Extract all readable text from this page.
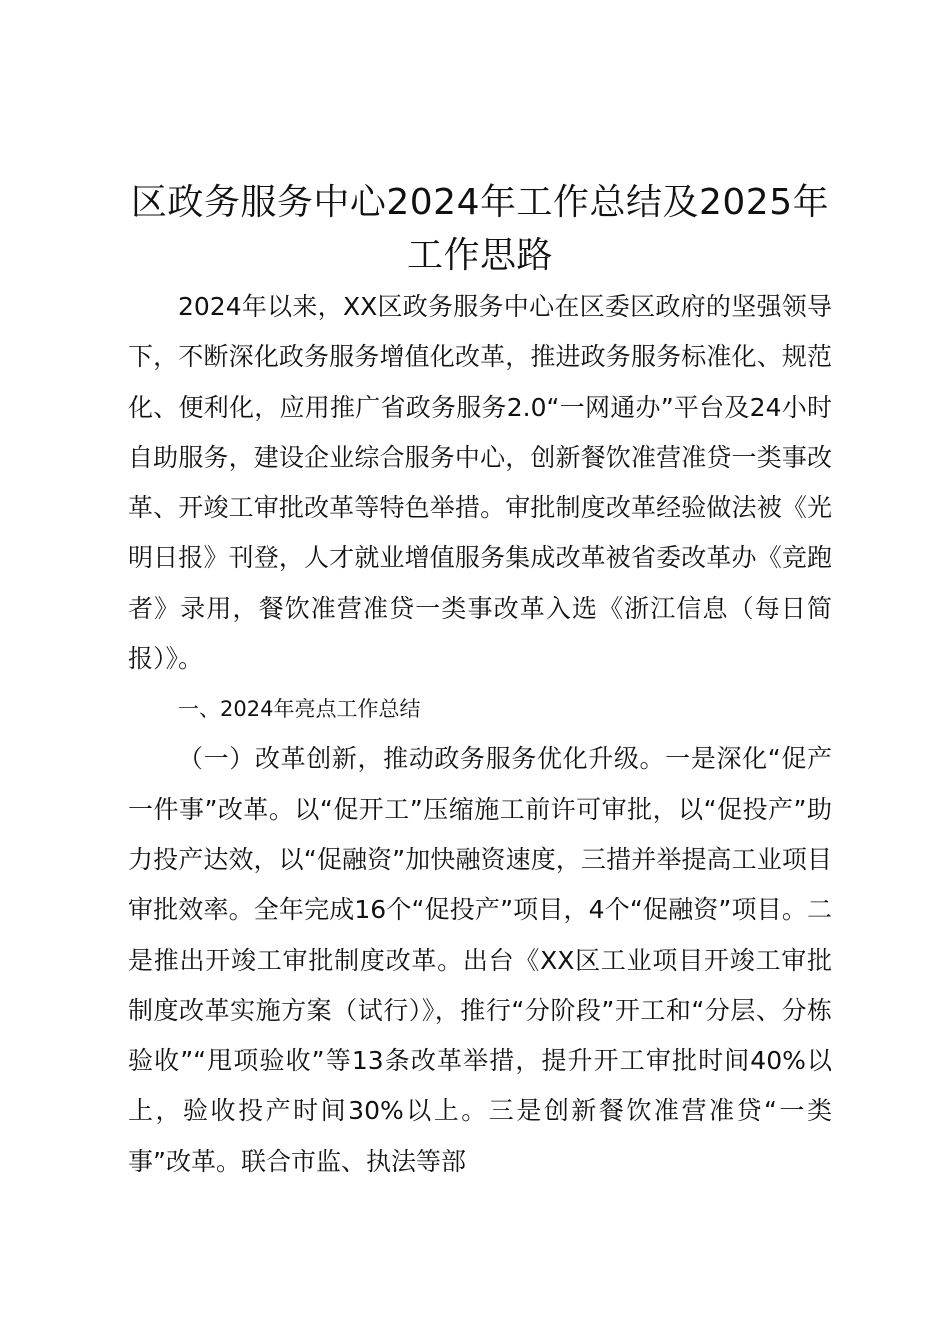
区政务服务中心2024年工作总结及2025年工作思路

2024年以来，XX区政务服务中心在区委区政府的坚强领导下，不断深化政务服务增值化改革，推进政务服务标准化、规范化、便利化，应用推广省政务服务2.0“一网通办”平台及24小时自助服务，建设企业综合服务中心，创新餐饮准营准贷一类事改革、开竣工审批改革等特色举措。审批制度改革经验做法被《光明日报》刊登，人才就业增值服务集成改革被省委改革办《竞跑者》录用，餐饮准营准贷一类事改革入选《浙江信息（每日简报）》。

一、2024年亮点工作总结

（一）改革创新，推动政务服务优化升级。一是深化“促产一件事”改革。以“促开工”压缩施工前许可审批，以“促投产”助力投产达效，以“促融资”加快融资速度，三措并举提高工业项目审批效率。全年完成16个“促投产”项目，4个“促融资”项目。二是推出开竣工审批制度改革。出台《XX区工业项目开竣工审批制度改革实施方案（试行）》，推行“分阶段”开工和“分层、分栋验收”“甩项验收”等13条改革举措，提升开工审批时间40%以上，验收投产时间30%以上。三是创新餐饮准营准贷“一类事”改革。联合市监、执法等部
